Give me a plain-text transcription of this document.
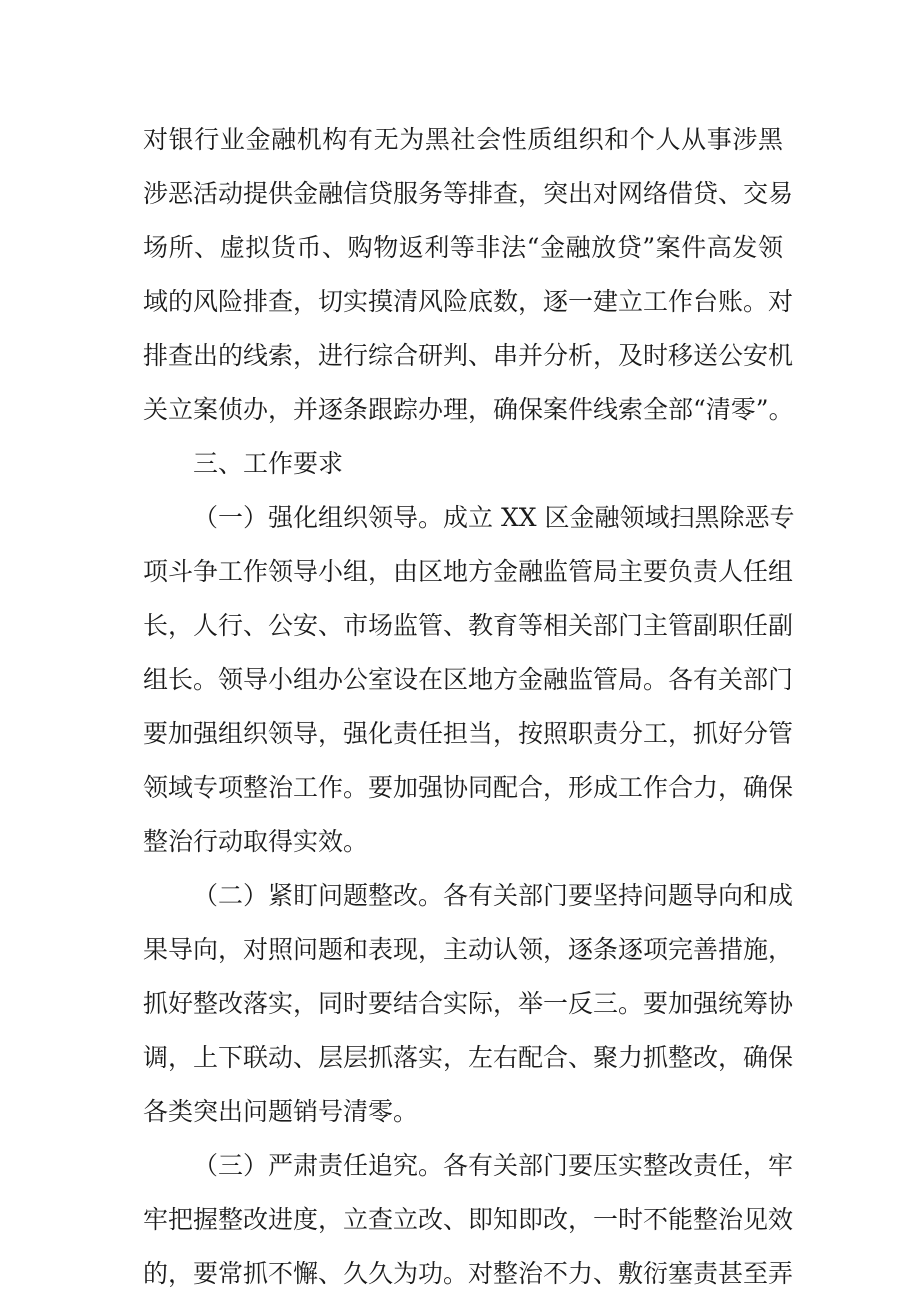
对银行业金融机构有无为黑社会性质组织和个人从事涉黑
涉恶活动提供金融信贷服务等排查，突出对网络借贷、交易
场所、虚拟货币、购物返利等非法“金融放贷”案件高发领
域的风险排查，切实摸清风险底数，逐一建立工作台账。对
排查出的线索，进行综合研判、串并分析，及时移送公安机
关立案侦办，并逐条跟踪办理，确保案件线索全部“清零”。
三、工作要求
（一）强化组织领导。成立 XX 区金融领域扫黑除恶专
项斗争工作领导小组，由区地方金融监管局主要负责人任组
长，人行、公安、市场监管、教育等相关部门主管副职任副
组长。领导小组办公室设在区地方金融监管局。各有关部门
要加强组织领导，强化责任担当，按照职责分工，抓好分管
领域专项整治工作。要加强协同配合，形成工作合力，确保
整治行动取得实效。
（二）紧盯问题整改。各有关部门要坚持问题导向和成
果导向，对照问题和表现，主动认领，逐条逐项完善措施，
抓好整改落实，同时要结合实际，举一反三。要加强统筹协
调，上下联动、层层抓落实，左右配合、聚力抓整改，确保
各类突出问题销号清零。
（三）严肃责任追究。各有关部门要压实整改责任，牢
牢把握整改进度，立查立改、即知即改，一时不能整治见效
的，要常抓不懈、久久为功。对整治不力、敷衍塞责甚至弄
